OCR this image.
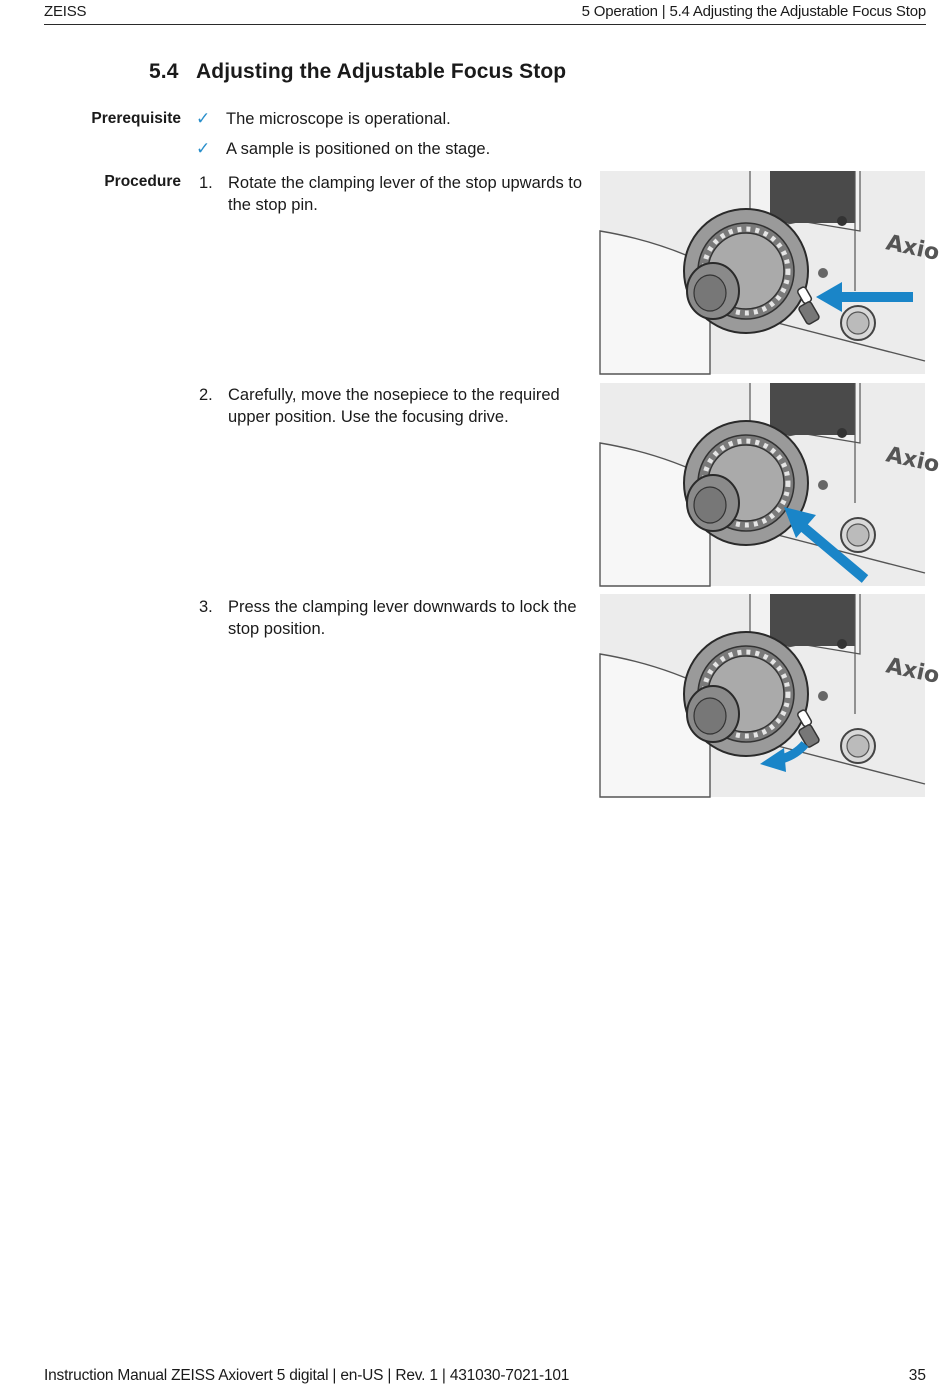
ZEISS	5 Operation | 5.4 Adjusting the Adjustable Focus Stop
5.4 Adjusting the Adjustable Focus Stop
Prerequisite ✓ The microscope is operational.
✓ A sample is positioned on the stage.
Procedure 1. Rotate the clamping lever of the stop upwards to the stop pin.
2. Carefully, move the nosepiece to the required upper position. Use the focusing drive.
3. Press the clamping lever downwards to lock the stop position.
Axio
Axio
Axio
Instruction Manual ZEISS Axiovert 5 digital | en-US | Rev. 1 | 431030-7021-101	35
